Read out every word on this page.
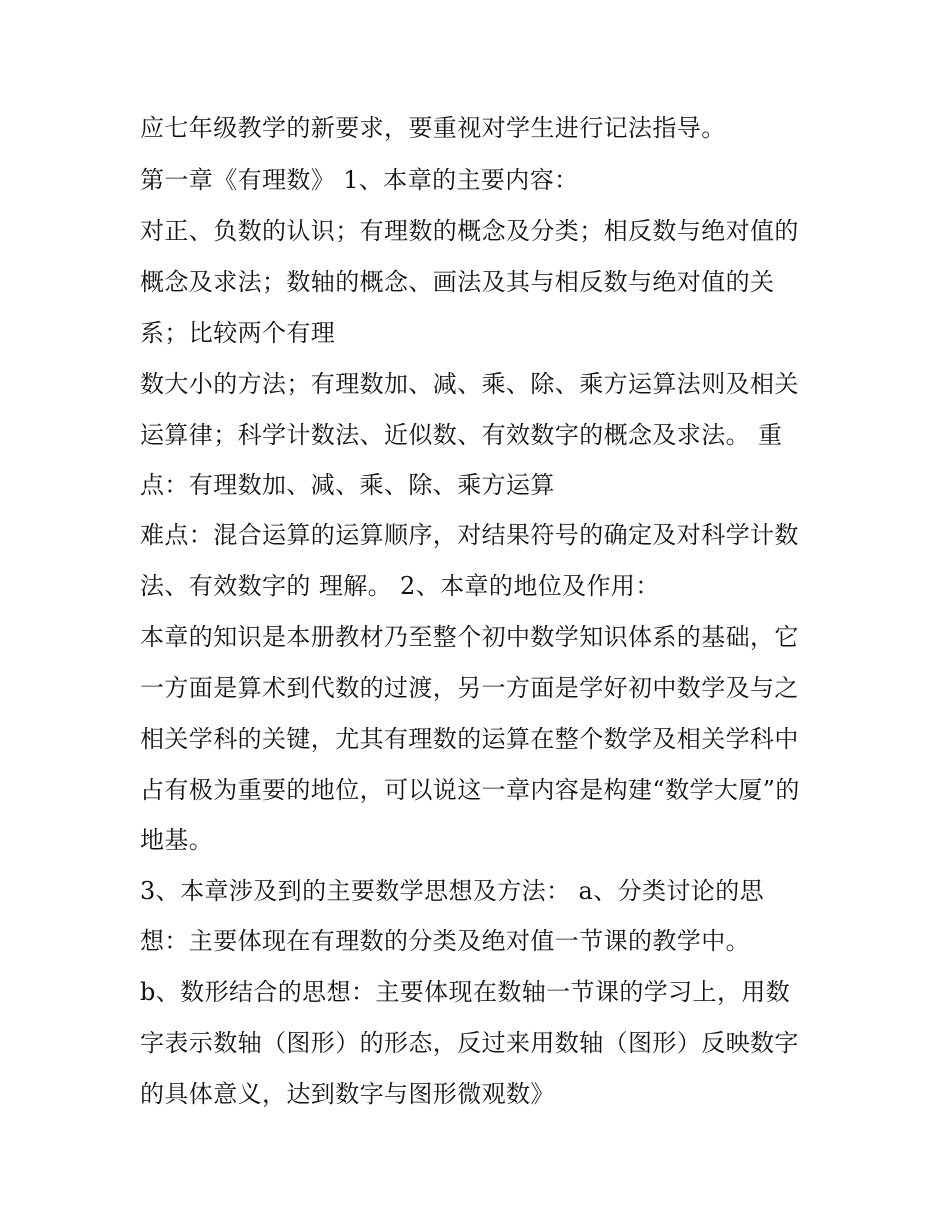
应七年级教学的新要求，要重视对学生进行记法指导。
第一章《有理数》 1、本章的主要内容：
对正、负数的认识；有理数的概念及分类；相反数与绝对值的
概念及求法；数轴的概念、画法及其与相反数与绝对值的关
系；比较两个有理
数大小的方法；有理数加、减、乘、除、乘方运算法则及相关
运算律；科学计数法、近似数、有效数字的概念及求法。 重
点：有理数加、减、乘、除、乘方运算
难点：混合运算的运算顺序，对结果符号的确定及对科学计数
法、有效数字的 理解。 2、本章的地位及作用：
本章的知识是本册教材乃至整个初中数学知识体系的基础，它
一方面是算术到代数的过渡，另一方面是学好初中数学及与之
相关学科的关键，尤其有理数的运算在整个数学及相关学科中
占有极为重要的地位，可以说这一章内容是构建“数学大厦”的
地基。
3、本章涉及到的主要数学思想及方法： a、分类讨论的思
想：主要体现在有理数的分类及绝对值一节课的教学中。
b、数形结合的思想：主要体现在数轴一节课的学习上，用数
字表示数轴（图形）的形态，反过来用数轴（图形）反映数字
的具体意义，达到数字与图形微观数》
